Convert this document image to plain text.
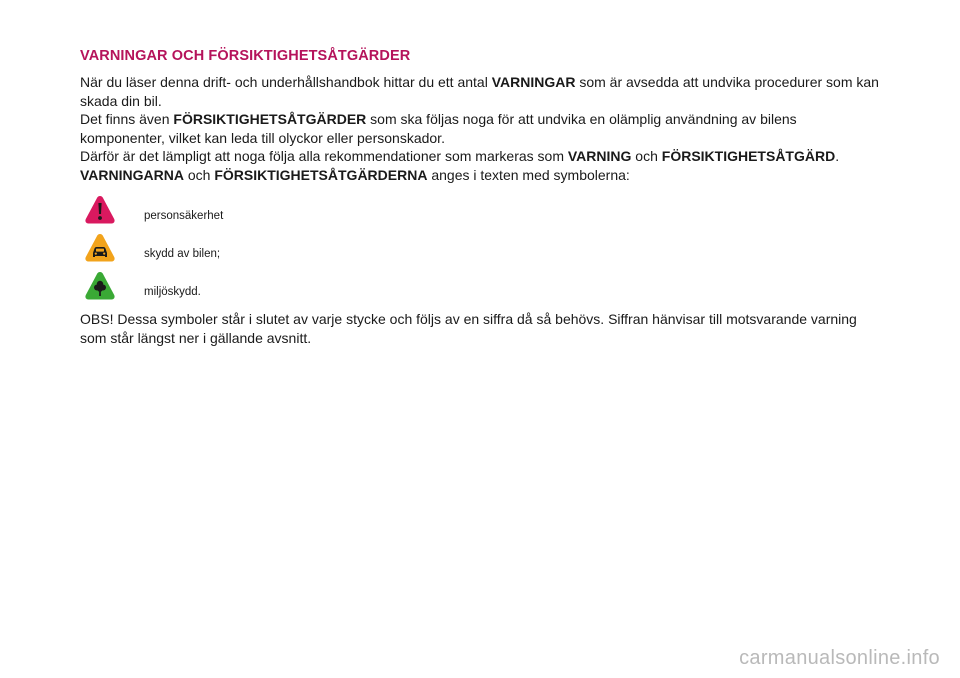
VARNINGAR OCH FÖRSIKTIGHETSÅTGÄRDER

När du läser denna drift- och underhållshandbok hittar du ett antal VARNINGAR som är avsedda att undvika procedurer som kan skada din bil.

Det finns även FÖRSIKTIGHETSÅTGÄRDER som ska följas noga för att undvika en olämplig användning av bilens komponenter, vilket kan leda till olyckor eller personskador.

Därför är det lämpligt att noga följa alla rekommendationer som markeras som VARNING och FÖRSIKTIGHETSÅTGÄRD.

VARNINGARNA och FÖRSIKTIGHETSÅTGÄRDERNA anges i texten med symbolerna:

personsäkerhet
skydd av bilen;
miljöskydd.

OBS! Dessa symboler står i slutet av varje stycke och följs av en siffra då så behövs. Siffran hänvisar till motsvarande varning som står längst ner i gällande avsnitt.

carmanualsonline.info
